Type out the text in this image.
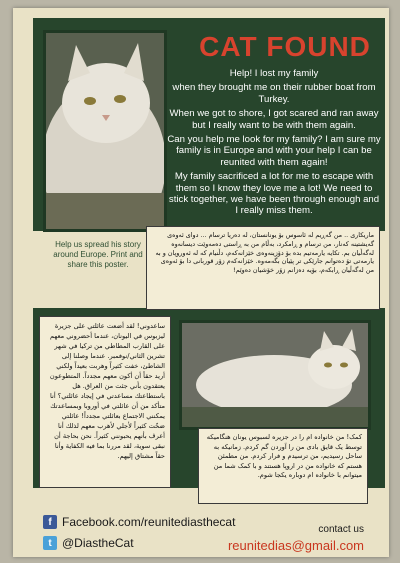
CAT FOUND

Help! I lost my family

when they brought me on their rubber boat from Turkey.

When we got to shore, I got scared and ran away but I really want to be with them again.

Can you help me look for my family? I am sure my family is in Europe and with your help I can be reunited with them again!

My family sacrificed a lot for me to escape with them so I know they love me a lot! We need to stick together, we have been through enough and I really miss them.

Help us spread his story around Europe. Print and share this poster.
ماریکاری .. من گەڕیم لە ئاسوس بۆ یونانستان، لە دەریا ترسام ... دوای ئەوەی گەیشتینە کەنار، من ترسام و ڕامکرد، بەڵام من بە ڕاستی دەمەوێت دیسانەوە لەگەڵیان بم. تکایە یارمەتیم بدە بۆ دۆزینەوەی خێزانەکەم، دڵنیام کە لە ئەوروپان و بە یارمەتی تۆ دەتوانم جارێکی تر پێیان بگەمەوە. خێزانەکەم زۆر قوربانی دا بۆ ئەوەی من لەگەڵیان ڕابکەم، بۆیە دەزانم زۆر خۆشیان دەوێم!
ساعدوني! لقد أضعت عائلتي على جزيرة ليزبوس في اليونان، عندما أحضروني معهم على القارب المطاطي من تركيا في شهر تشرين الثاني/نوفمبر. عندما وصلنا إلى الشاطئ، خفت كثيراً وهربت بعيداً ولكني أريد حقاً أن أكون معهم مجدداً. المتطوعون يعتقدون بأني جئت من العراق. هل باستطاعتك مساعدتي في إيجاد عائلتي؟ أنا متأكد من أن عائلتي في أوروبا وبمساعدتك يمكنني الاجتماع بعائلتي مجدداً! عائلتي ضحّت كثيراً لأجلي لأهرب معهم لذلك أنا أعرف بأنهم يحبونني كثيراً. نحن بحاجة أن نبقى سوية، لقد مررنا بما فيه الكفاية وأنا حقاً مشتاق إليهم.
کمک! من خانواده ام را در جزیره لسبوس یونان هنگامیکه توسط یک قایق بادی من را آوردن گم کردم. زمانیکه به ساحل رسیدیم، من ترسیدم و فرار کردم. من مطمئن هستم که خانواده من در اروپا هستند و با کمک شما من میتوانم با خانواده ام دوباره یکجا شوم.
f Facebook.com/reunitediasthecat
t @DiastheCat
contact us
reunitedias@gmail.com
